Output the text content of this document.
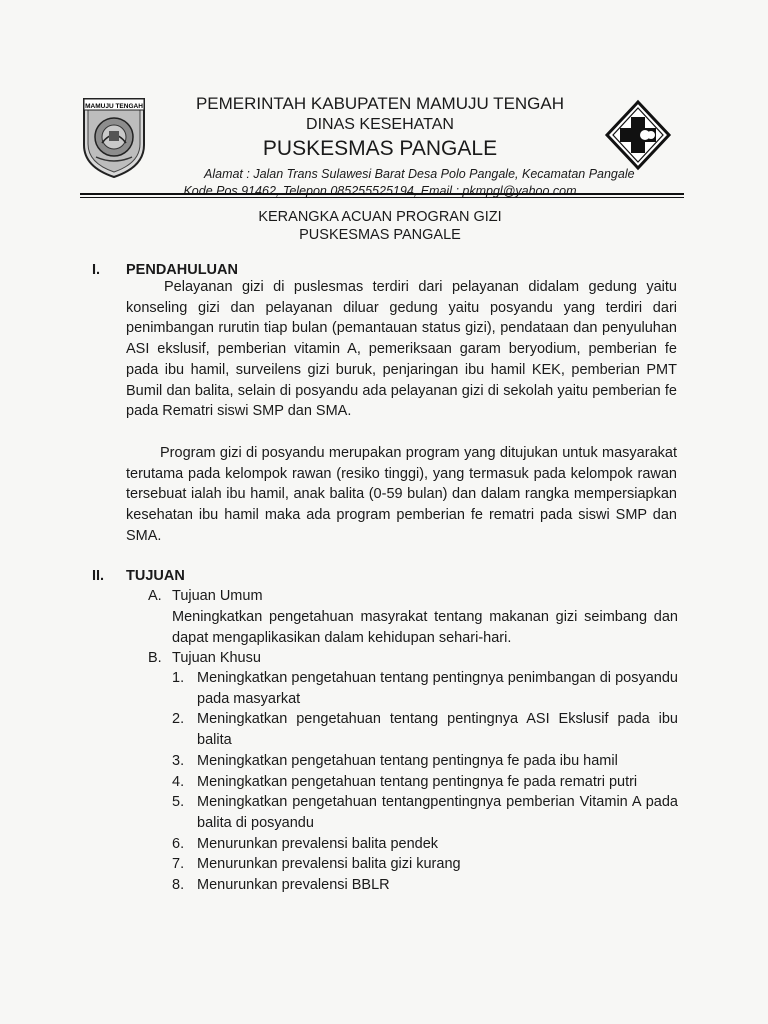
MAMUJU TENGAH	PEMERINTAH KABUPATEN MAMUJU TENGAH
DINAS KESEHATAN
PUSKESMAS PANGALE
Alamat : Jalan Trans Sulawesi Barat Desa Polo Pangale, Kecamatan Pangale
Kode Pos 91462, Telepon 085255525194, Email : pkmpgl@yahoo.com
KERANGKA ACUAN PROGRAN GIZI
PUSKESMAS PANGALE
I. PENDAHULUAN
Pelayanan gizi di puslesmas terdiri dari pelayanan didalam gedung yaitu konseling gizi dan pelayanan diluar gedung yaitu posyandu yang terdiri dari penimbangan rurutin tiap bulan (pemantauan status gizi), pendataan dan penyuluhan ASI ekslusif, pemberian vitamin A, pemeriksaan garam beryodium, pemberian fe pada ibu hamil, surveilens gizi buruk, penjaringan ibu hamil KEK, pemberian PMT Bumil dan balita, selain di posyandu ada pelayanan gizi di sekolah yaitu pemberian fe pada Rematri siswi SMP dan SMA.
Program gizi di posyandu merupakan program yang ditujukan untuk masyarakat terutama pada kelompok rawan (resiko tinggi), yang termasuk pada kelompok rawan tersebuat ialah ibu hamil, anak balita (0-59 bulan) dan dalam rangka mempersiapkan kesehatan ibu hamil maka ada program pemberian fe rematri pada siswi SMP dan SMA.
II. TUJUAN
A. Tujuan Umum
Meningkatkan pengetahuan masyrakat tentang makanan gizi seimbang dan dapat mengaplikasikan dalam kehidupan sehari-hari.
B. Tujuan Khusu
1. Meningkatkan pengetahuan tentang pentingnya penimbangan di posyandu pada masyarkat
2. Meningkatkan pengetahuan tentang pentingnya ASI Ekslusif pada ibu balita
3. Meningkatkan pengetahuan tentang pentingnya fe pada ibu hamil
4. Meningkatkan pengetahuan tentang pentingnya fe pada rematri putri
5. Meningkatkan pengetahuan tentangpentingnya pemberian Vitamin A pada balita di posyandu
6. Menurunkan prevalensi balita pendek
7. Menurunkan prevalensi balita gizi kurang
8. Menurunkan prevalensi BBLR
